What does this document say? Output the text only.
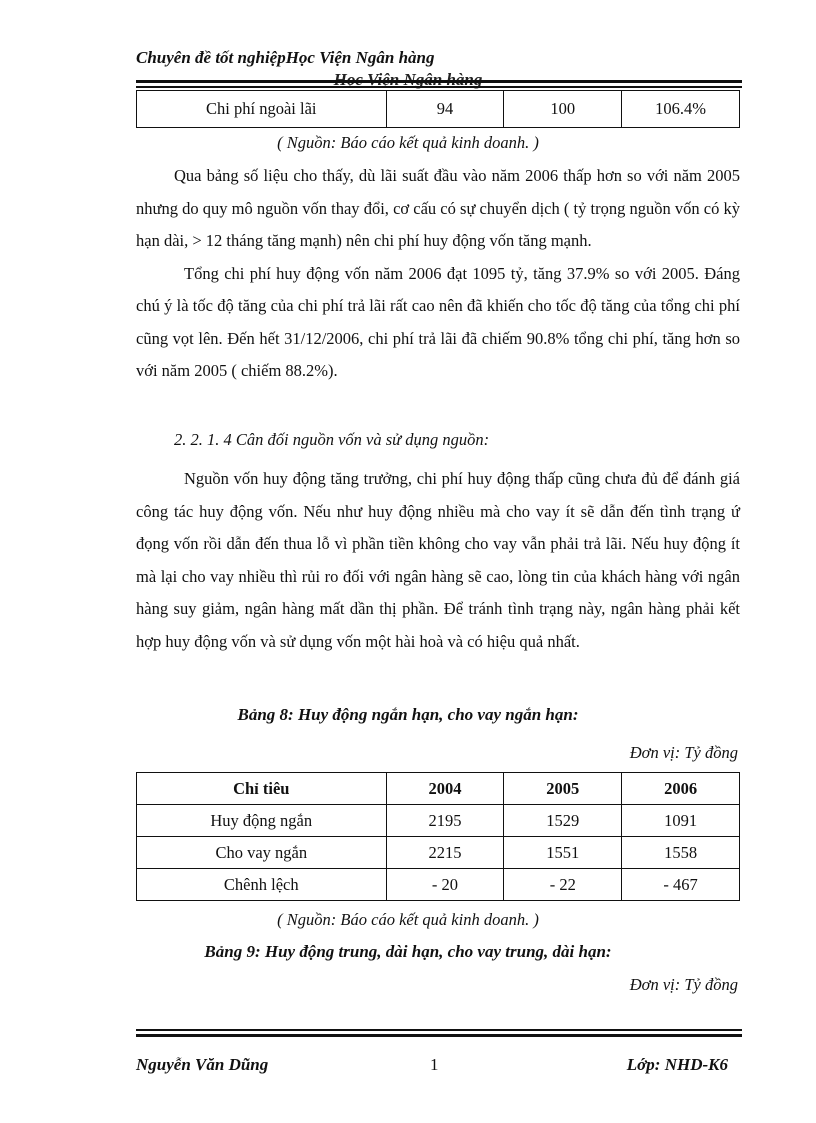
Chuyên đề tốt nghiệpHọc Viện Ngân hàng
Chi phí ngoài lãi	94	100	106.4%
( Nguồn: Báo cáo kết quả kinh doanh. )

Qua bảng số liệu cho thấy, dù lãi suất đầu vào năm 2006 thấp hơn so với năm 2005 nhưng do quy mô nguồn vốn thay đổi, cơ cấu có sự chuyển dịch ( tỷ trọng nguồn vốn có kỳ hạn dài, > 12 tháng tăng mạnh) nên chi phí huy động vốn tăng mạnh.

Tổng chi phí huy động vốn năm 2006 đạt 1095 tỷ, tăng 37.9% so với 2005. Đáng chú ý là tốc độ tăng của chi phí trả lãi rất cao nên đã khiến cho tốc độ tăng của tổng chi phí cũng vọt lên. Đến hết 31/12/2006, chi phí trả lãi đã chiếm 90.8% tổng chi phí, tăng hơn so với năm 2005 ( chiếm 88.2%).

2. 2. 1. 4 Cân đối nguồn vốn và sử dụng nguồn:

Nguồn vốn huy động tăng trưởng, chi phí huy động thấp cũng chưa đủ để đánh giá công tác huy động vốn. Nếu như huy động nhiều mà cho vay ít sẽ dẫn đến tình trạng ứ đọng vốn rồi dẫn đến thua lỗ vì phần tiền không cho vay vẫn phải trả lãi. Nếu huy động ít mà lại cho vay nhiều thì rủi ro đối với ngân hàng sẽ cao, lòng tin của khách hàng với ngân hàng suy giảm, ngân hàng mất dần thị phần. Để tránh tình trạng này, ngân hàng phải kết hợp huy động vốn và sử dụng vốn một hài hoà và có hiệu quả nhất.

Bảng 8: Huy động ngắn hạn, cho vay ngắn hạn:
Đơn vị: Tỷ đồng
Chỉ tiêu	2004	2005	2006
Huy động ngắn	2195	1529	1091
Cho vay ngắn	2215	1551	1558
Chênh lệch	- 20	- 22	- 467
( Nguồn: Báo cáo kết quả kinh doanh. )
Bảng 9: Huy động trung, dài hạn, cho vay trung, dài hạn:
Đơn vị: Tỷ đồng
Nguyễn Văn Dũng	1	Lớp: NHD-K6
